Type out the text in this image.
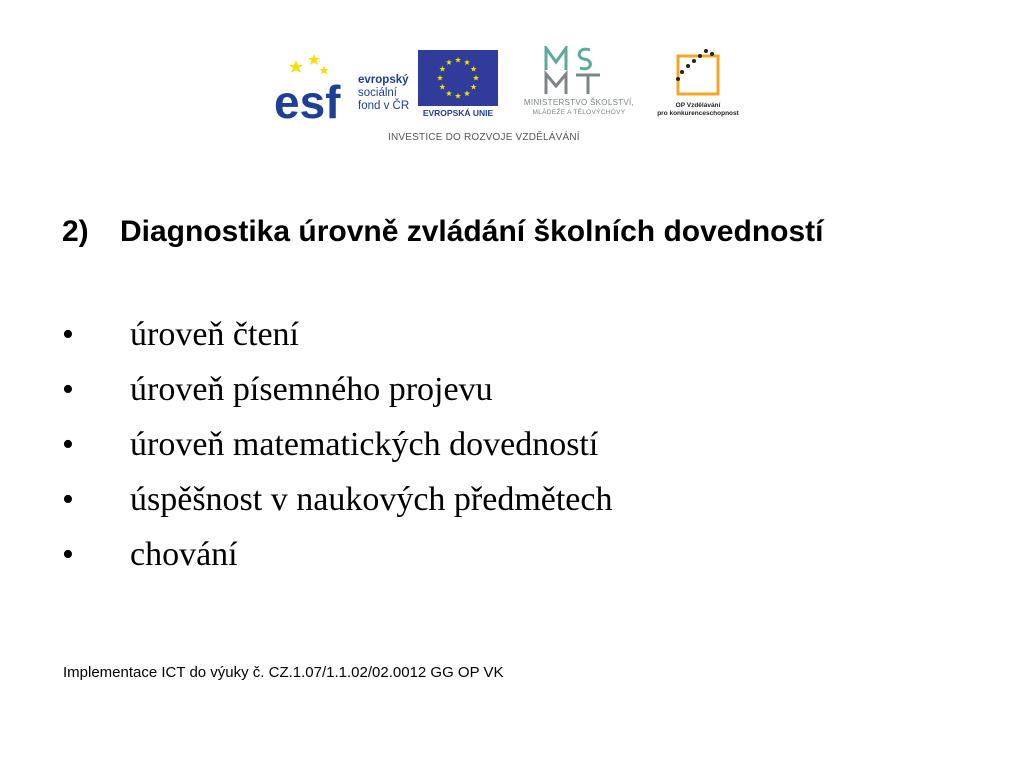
esf evropský
sociální
fond v ČR
EVROPSKÁ UNIE
MINISTERSTVO ŠKOLSTVÍ,
MLÁDEŽE A TĚLOVÝCHOVY
OP Vzdělávání
pro konkurenceschopnost
INVESTICE DO ROZVOJE VZDĚLÁVÁNÍ
2) Diagnostika úrovně zvládání školních dovedností
• úroveň čtení
• úroveň písemného projevu
• úroveň matematických dovedností
• úspěšnost v naukových předmětech
• chování
Implementace ICT do výuky č. CZ.1.07/1.1.02/02.0012 GG OP VK
